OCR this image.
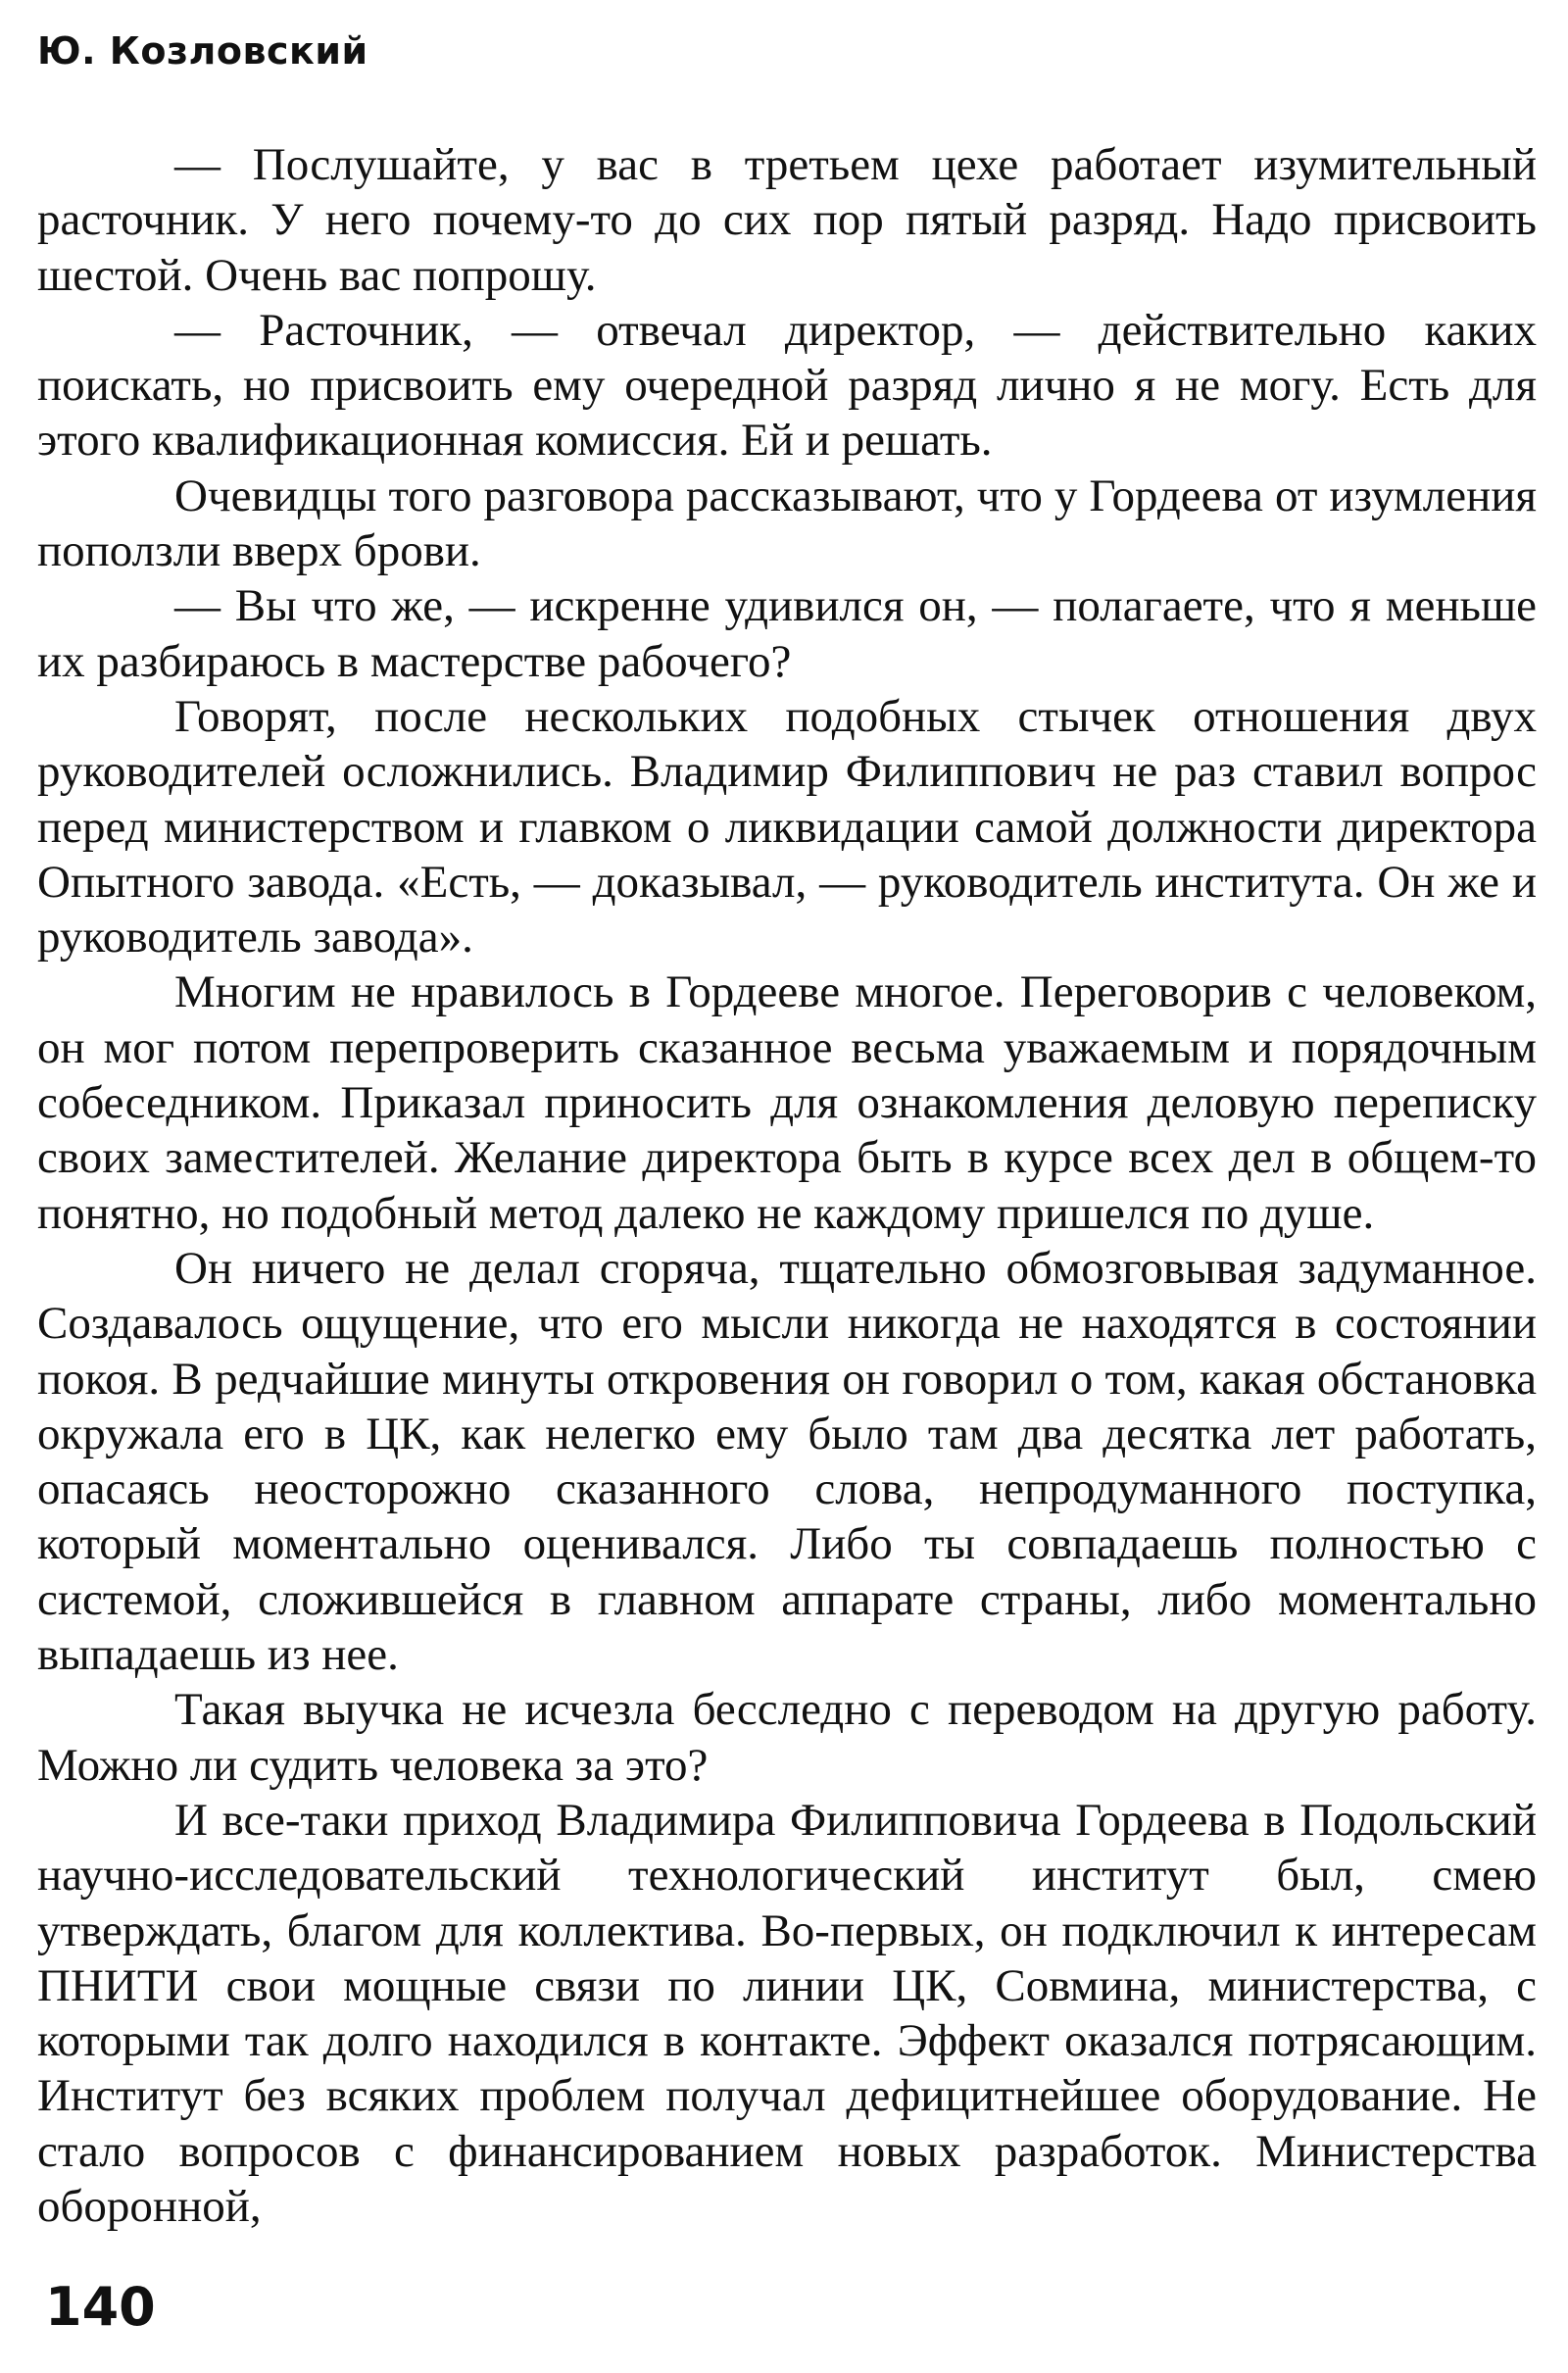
Ю. Козловский

— Послушайте, у вас в третьем цехе работает изумительный расточник. У него почему-то до сих пор пятый разряд. Надо присвоить шестой. Очень вас попрошу.

— Расточник, — отвечал директор, — действительно каких поискать, но присвоить ему очередной разряд лично я не могу. Есть для этого квалификационная комиссия. Ей и решать.

Очевидцы того разговора рассказывают, что у Гордеева от изумления поползли вверх брови.

— Вы что же, — искренне удивился он, — полагаете, что я меньше их разбираюсь в мастерстве рабочего?

Говорят, после нескольких подобных стычек отношения двух руководителей осложнились. Владимир Филиппович не раз ставил вопрос перед министерством и главком о ликвидации самой должности директора Опытного завода. «Есть, — доказывал, — руководитель института. Он же и руководитель завода».

Многим не нравилось в Гордееве многое. Переговорив с человеком, он мог потом перепроверить сказанное весьма уважаемым и порядочным собеседником. Приказал приносить для ознакомления деловую переписку своих заместителей. Желание директора быть в курсе всех дел в общем-то понятно, но подобный метод далеко не каждому пришелся по душе.

Он ничего не делал сгоряча, тщательно обмозговывая задуманное. Создавалось ощущение, что его мысли никогда не находятся в состоянии покоя. В редчайшие минуты откровения он говорил о том, какая обстановка окружала его в ЦК, как нелегко ему было там два десятка лет работать, опасаясь неосторожно сказанного слова, непродуманного поступка, который моментально оценивался. Либо ты совпадаешь полностью с системой, сложившейся в главном аппарате страны, либо моментально выпадаешь из нее.

Такая выучка не исчезла бесследно с переводом на другую работу. Можно ли судить человека за это?

И все-таки приход Владимира Филипповича Гордеева в Подольский научно-исследовательский технологический институт был, смею утверждать, благом для коллектива. Во-первых, он подключил к интересам ПНИТИ свои мощные связи по линии ЦК, Совмина, министерства, с которыми так долго находился в контакте. Эффект оказался потрясающим. Институт без всяких проблем получал дефицитнейшее оборудование. Не стало вопросов с финансированием новых разработок. Министерства оборонной,

140
